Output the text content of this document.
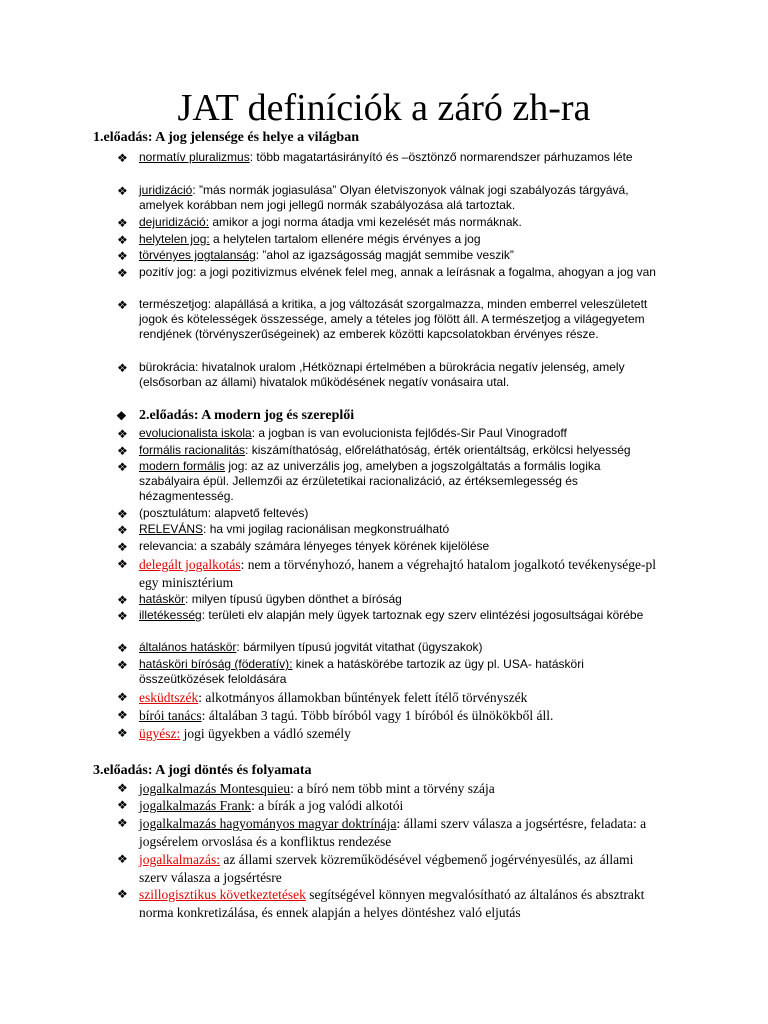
JAT definíciók a záró zh-ra
1.előadás: A jog jelensége és helye a világban
❖ normatív pluralizmus: több magatartásirányító és –ösztönző normarendszer párhuzamos léte
❖ juridizáció: ”más normák jogiasulása” Olyan életviszonyok válnak jogi szabályozás tárgyává, amelyek korábban nem jogi jellegű normák szabályozása alá tartoztak.
❖ dejuridizáció: amikor a jogi norma átadja vmi kezelését más normáknak.
❖ helytelen jog: a helytelen tartalom ellenére mégis érvényes a jog
❖ törvényes jogtalanság: ”ahol az igazságosság magját semmibe veszik”
❖ pozitív jog: a jogi pozitivizmus elvének felel meg, annak a leírásnak a fogalma, ahogyan a jog van
❖ természetjog: alapállásá a kritika, a jog változását szorgalmazza, minden emberrel veleszületett jogok és kötelességek összessége, amely a tételes jog fölött áll. A természetjog a világegyetem rendjének (törvényszerűségeinek) az emberek közötti kapcsolatokban érvényes része.
❖ bürokrácia: hivatalnok uralom ,Hétköznapi értelmében a bürokrácia negatív jelenség, amely (elsősorban az állami) hivatalok működésének negatív vonásaira utal.
❖ 2.előadás: A modern jog és szereplői
❖ evolucionalista iskola: a jogban is van evolucionista fejlődés-Sir Paul Vinogradoff
❖ formális racionalitás: kiszámíthatóság, előreláthatóság, érték orientáltság, erkölcsi helyesség
❖ modern formális jog: az az univerzális jog, amelyben a jogszolgáltatás a formális logika szabályaira épül. Jellemzői az érzületetikai racionalizáció, az értéksemlegesség és hézagmentesség.
❖ (posztulátum: alapvető feltevés)
❖ RELEVÁNS: ha vmi jogilag racionálisan megkonstruálható
❖ relevancia: a szabály számára lényeges tények körének kijelölése
❖ delegált jogalkotás: nem a törvényhozó, hanem a végrehajtó hatalom jogalkotó tevékenysége-pl egy minisztérium
❖ hatáskör: milyen típusú ügyben dönthet a bíróság
❖ illetékesség: területi elv alapján mely ügyek tartoznak egy szerv elintézési jogosultságai körébe
❖ általános hatáskör: bármilyen típusú jogvitát vitathat (ügyszakok)
❖ hatásköri bíróság (föderatív): kinek a hatáskörébe tartozik az ügy pl. USA- hatásköri összeütközések feloldására
❖ esküdtszék: alkotmányos államokban bűntények felett ítélő törvényszék
❖ bírói tanács: általában 3 tagú. Több bíróból vagy 1 bíróból és ülnökökből áll.
❖ ügyész: jogi ügyekben a vádló személy
3.előadás: A jogi döntés és folyamata
❖ jogalkalmazás Montesquieu: a bíró nem több mint a törvény szája
❖ jogalkalmazás Frank: a bírák a jog valódi alkotói
❖ jogalkalmazás hagyományos magyar doktrínája: állami szerv válasza a jogsértésre, feladata: a jogsérelem orvoslása és a konfliktus rendezése
❖ jogalkalmazás: az állami szervek közreműködésével végbemenő jogérvényesülés, az állami szerv válasza a jogsértésre
❖ szillogisztikus következtetések segítségével könnyen megvalósítható az általános és absztrakt norma konkretizálása, és ennek alapján a helyes döntéshez való eljutás
